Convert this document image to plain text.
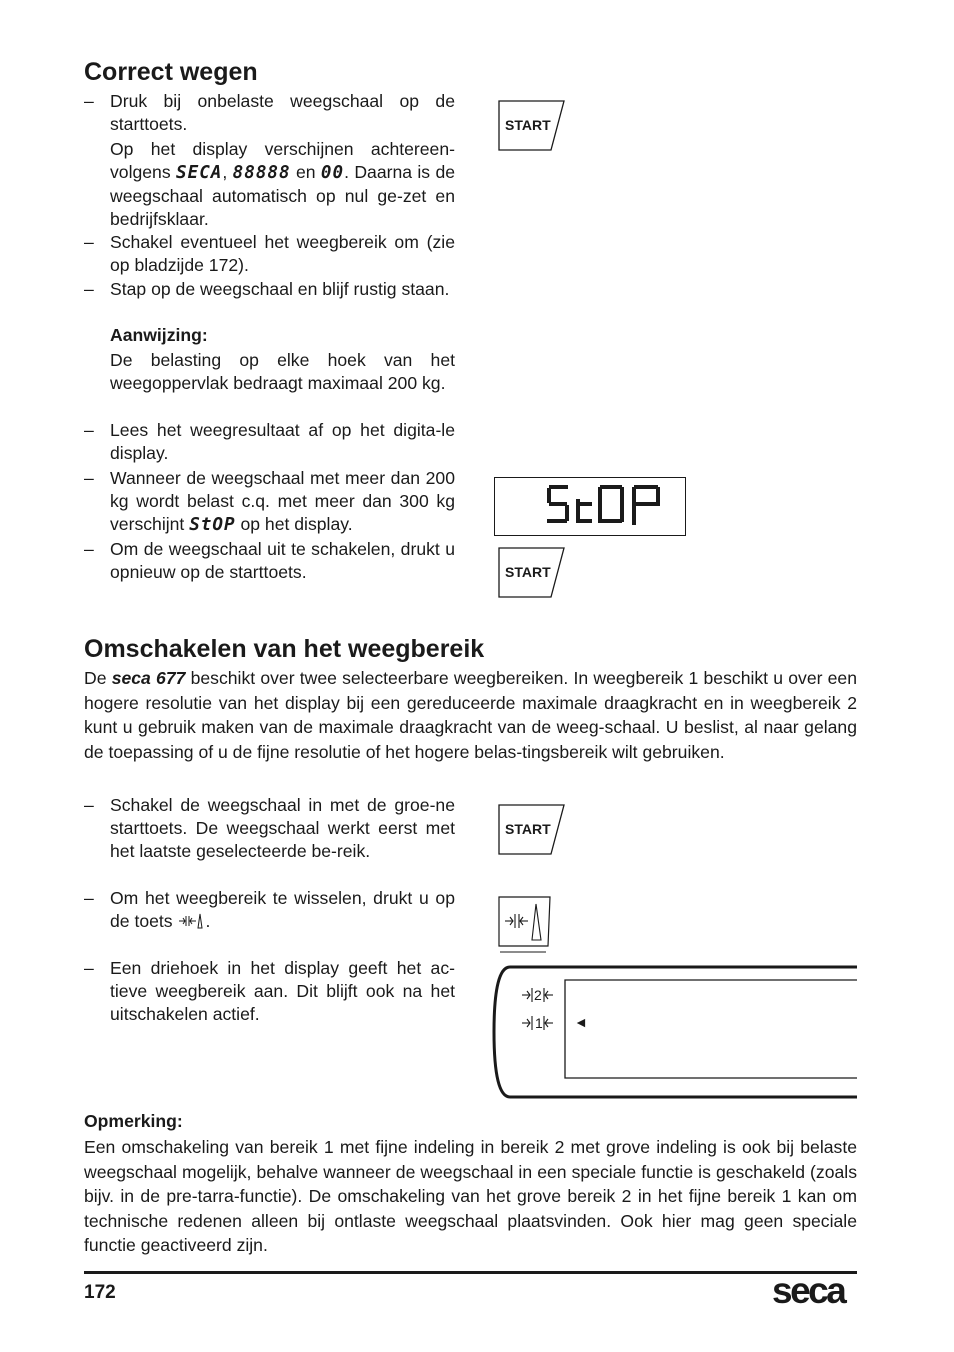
Correct wegen
– Druk bij onbelaste weegschaal op de starttoets.
Op het display verschijnen achtereen-volgens SECA, 88888 en 00. Daarna is de weegschaal automatisch op nul ge-zet en bedrijfsklaar.
– Schakel eventueel het weegbereik om (zie op bladzijde 172).
– Stap op de weegschaal en blijf rustig staan.
Aanwijzing:
De belasting op elke hoek van het weegoppervlak bedraagt maximaal 200 kg.
– Lees het weegresultaat af op het digita-le display.
– Wanneer de weegschaal met meer dan 200 kg wordt belast c.q. met meer dan 300 kg verschijnt StOP op het display.
– Om de weegschaal uit te schakelen, drukt u opnieuw op de starttoets.
START
START
Omschakelen van het weegbereik
De seca 677 beschikt over twee selecteerbare weegbereiken. In weegbereik 1 beschikt u over een hogere resolutie van het display bij een gereduceerde maximale draagkracht en in weegbereik 2 kunt u gebruik maken van de maximale draagkracht van de weeg-schaal. U beslist, al naar gelang de toepassing of u de fijne resolutie of het hogere belas-tingsbereik wilt gebruiken.
– Schakel de weegschaal in met de groe-ne starttoets. De weegschaal werkt eerst met het laatste geselecteerde be-reik.
– Om het weegbereik te wisselen, drukt u op de toets .
– Een driehoek in het display geeft het ac-tieve weegbereik aan. Dit blijft ook na het uitschakelen actief.
START
2
1 ◄
Opmerking:
Een omschakeling van bereik 1 met fijne indeling in bereik 2 met grove indeling is ook bij belaste weegschaal mogelijk, behalve wanneer de weegschaal in een speciale functie is geschakeld (zoals bijv. in de pre-tarra-functie). De omschakeling van het grove bereik 2 in het fijne bereik 1 kan om technische redenen alleen bij ontlaste weegschaal plaatsvinden. Ook hier mag geen speciale functie geactiveerd zijn.
172	seca
